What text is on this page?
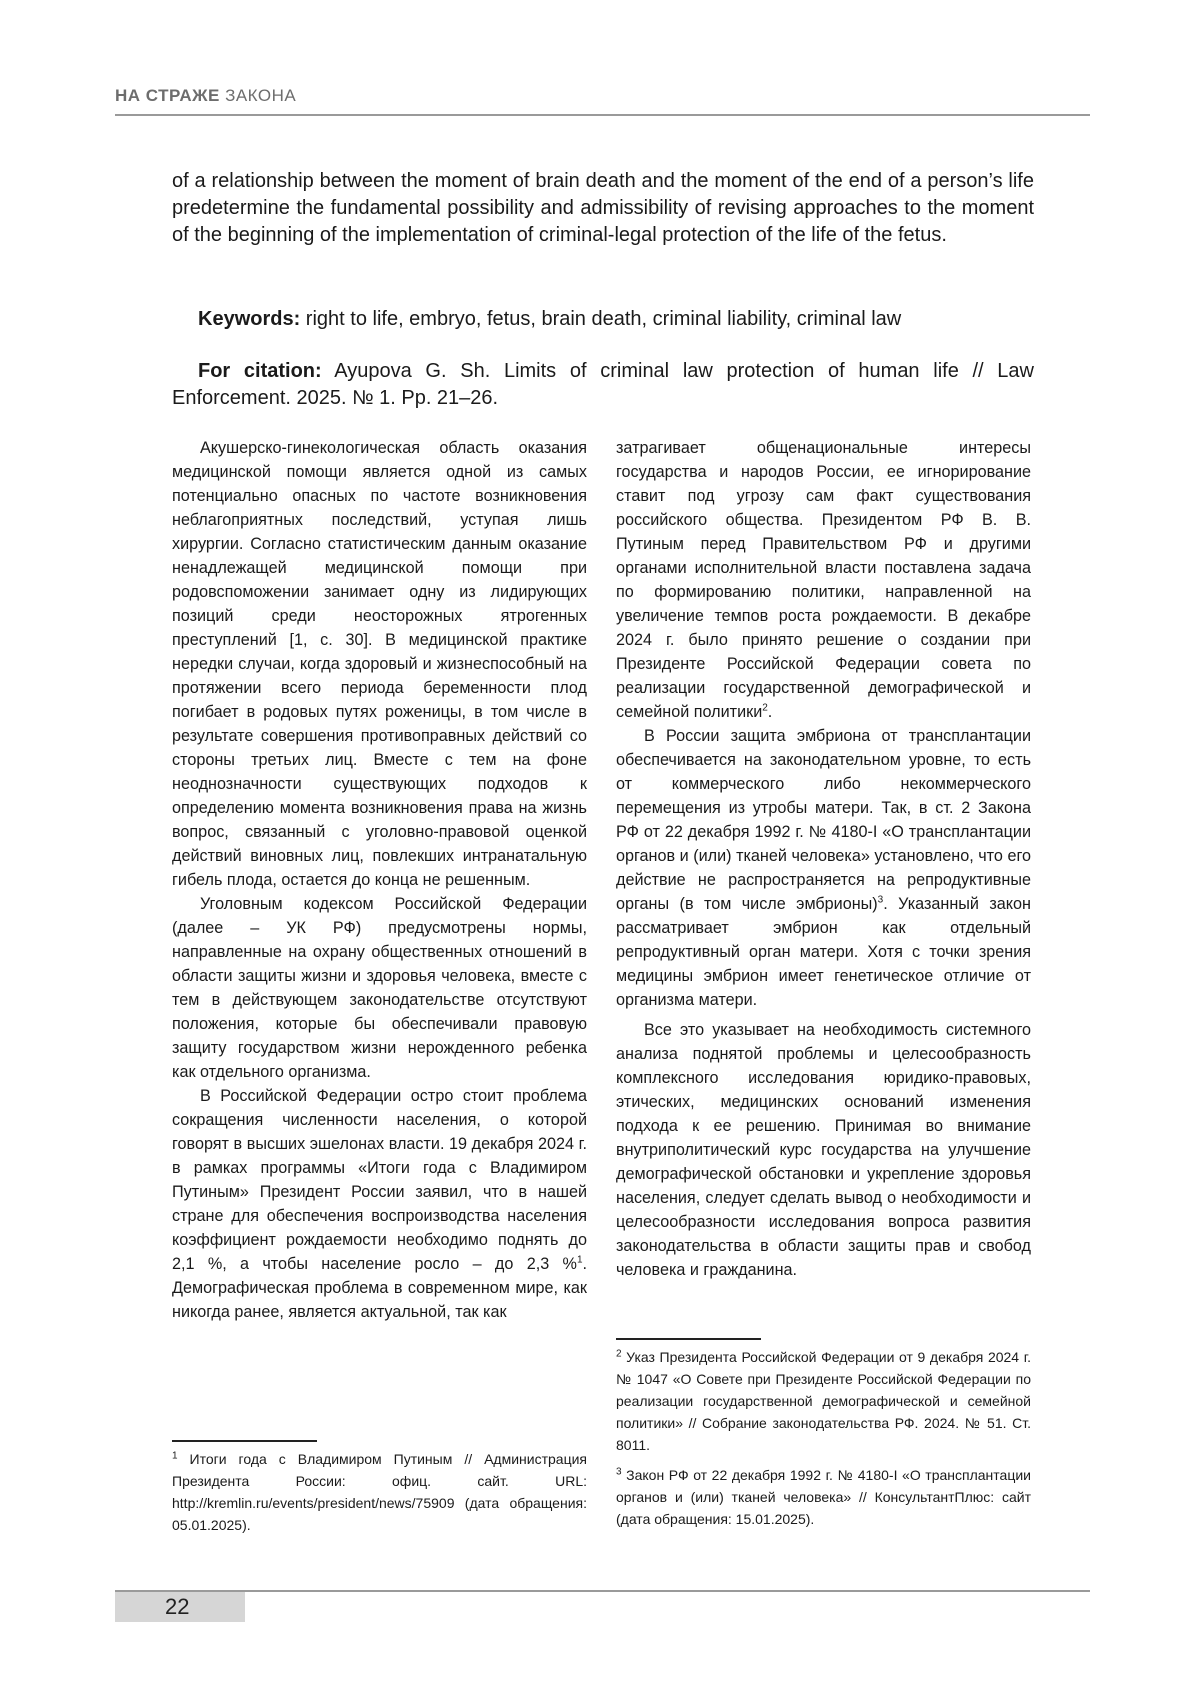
НА СТРАЖЕ ЗАКОНА
of a relationship between the moment of brain death and the moment of the end of a person’s life predetermine the fundamental possibility and admissibility of revising approaches to the moment of the beginning of the implementation of criminal-legal protection of the life of the fetus.
Keywords: right to life, embryo, fetus, brain death, criminal liability, criminal law
For citation: Ayupova G. Sh. Limits of criminal law protection of human life // Law Enforcement. 2025. № 1. Pp. 21–26.

Акушерско-гинекологическая область оказания медицинской помощи является одной из самых потенциально опасных по частоте возникновения неблагоприятных последствий, уступая лишь хирургии. Согласно статистическим данным оказание ненадлежащей медицинской помощи при родовспоможении занимает одну из лидирующих позиций среди неосторожных ятрогенных преступлений [1, с. 30]. В медицинской практике нередки случаи, когда здоровый и жизнеспособный на протяжении всего периода беременности плод погибает в родовых путях роженицы, в том числе в результате совершения противоправных действий со стороны третьих лиц. Вместе с тем на фоне неоднозначности существующих подходов к определению момента возникновения права на жизнь вопрос, связанный с уголовно-правовой оценкой действий виновных лиц, повлекших интранатальную гибель плода, остается до конца не решенным.

Уголовным кодексом Российской Федерации (далее – УК РФ) предусмотрены нормы, направленные на охрану общественных отношений в области защиты жизни и здоровья человека, вместе с тем в действующем законодательстве отсутствуют положения, которые бы обеспечивали правовую защиту государством жизни нерожденного ребенка как отдельного организма.

В Российской Федерации остро стоит проблема сокращения численности населения, о которой говорят в высших эшелонах власти. 19 декабря 2024 г. в рамках программы «Итоги года с Владимиром Путиным» Президент России заявил, что в нашей стране для обеспечения воспроизводства населения коэффициент рождаемости необходимо поднять до 2,1 %, а чтобы население росло – до 2,3 %$^1$. Демографическая проблема в современном мире, как никогда ранее, является актуальной, так как

затрагивает общенациональные интересы государства и народов России, ее игнорирование ставит под угрозу сам факт существования российского общества. Президентом РФ В. В. Путиным перед Правительством РФ и другими органами исполнительной власти поставлена задача по формированию политики, направленной на увеличение темпов роста рождаемости. В декабре 2024 г. было принято решение о создании при Президенте Российской Федерации совета по реализации государственной демографической и семейной политики$^2$.

В России защита эмбриона от трансплантации обеспечивается на законодательном уровне, то есть от коммерческого либо некоммерческого перемещения из утробы матери. Так, в ст. 2 Закона РФ от 22 декабря 1992 г. № 4180-I «О трансплантации органов и (или) тканей человека» установлено, что его действие не распространяется на репродуктивные органы (в том числе эмбрионы)$^3$. Указанный закон рассматривает эмбрион как отдельный репродуктивный орган матери. Хотя с точки зрения медицины эмбрион имеет генетическое отличие от организма матери.

Все это указывает на необходимость системного анализа поднятой проблемы и целесообразность комплексного исследования юридико-правовых, этических, медицинских оснований изменения подхода к ее решению. Принимая во внимание внутриполитический курс государства на улучшение демографической обстановки и укрепление здоровья населения, следует сделать вывод о необходимости и целесообразности исследования вопроса развития законодательства в области защиты прав и свобод человека и гражданина.

$^1$ Итоги года с Владимиром Путиным // Администрация Президента России: офиц. сайт. URL: http://kremlin.ru/events/president/news/75909 (дата обращения: 05.01.2025).

$^2$ Указ Президента Российской Федерации от 9 декабря 2024 г. № 1047 «О Совете при Президенте Российской Федерации по реализации государственной демографической и семейной политики» // Собрание законодательства РФ. 2024. № 51. Ст. 8011.

$^3$ Закон РФ от 22 декабря 1992 г. № 4180-I «О трансплантации органов и (или) тканей человека» // КонсультантПлюс: сайт (дата обращения: 15.01.2025).

22
